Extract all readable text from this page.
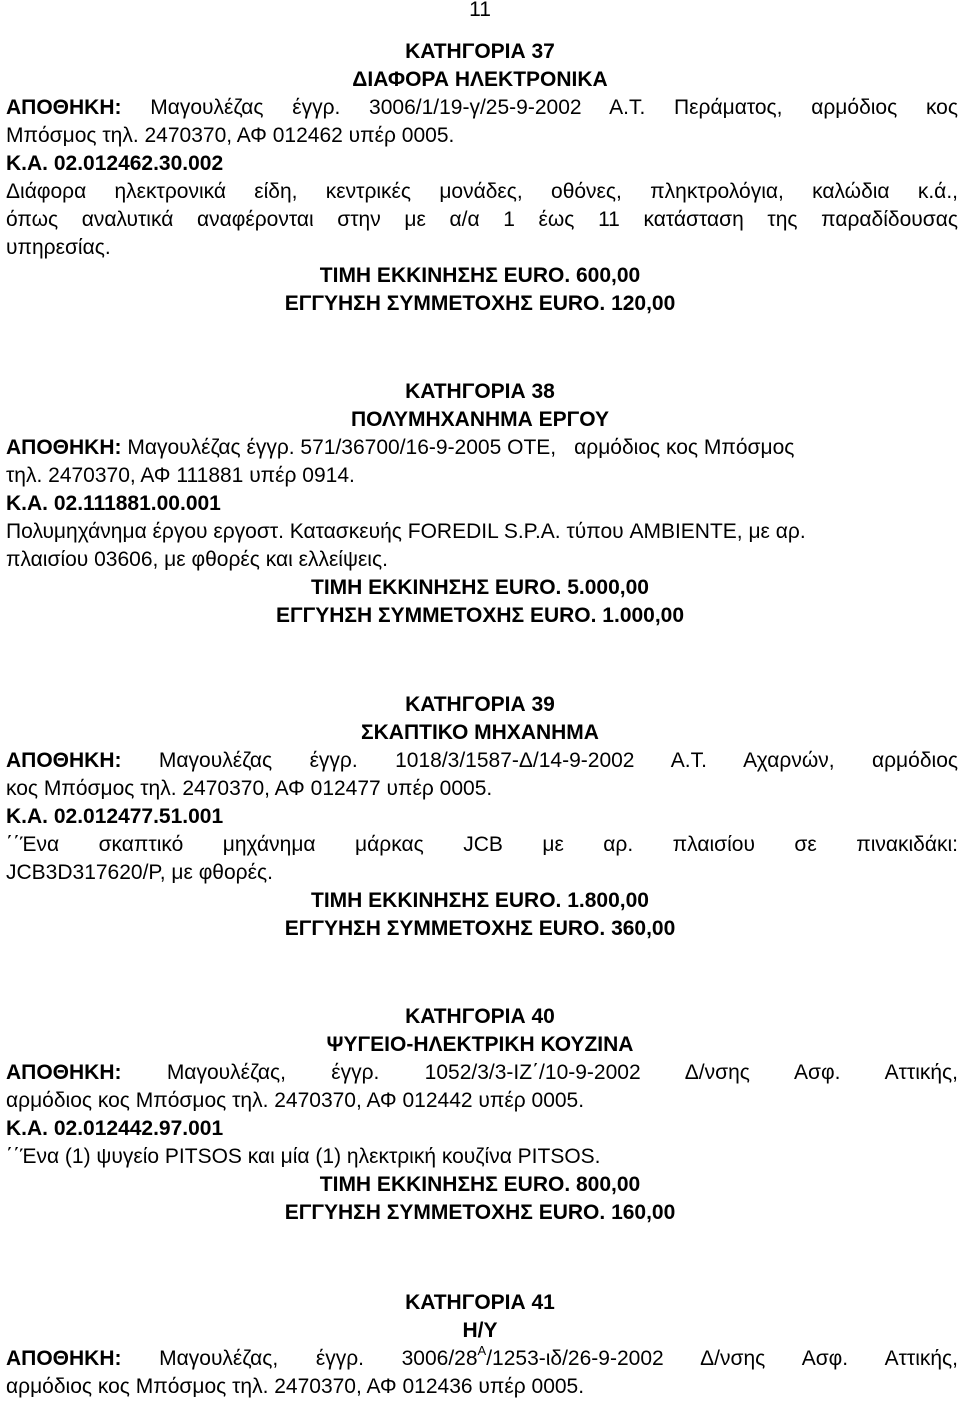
11
ΚΑΤΗΓΟΡΙΑ 37
ΔΙΑΦΟΡΑ ΗΛΕΚΤΡΟΝΙΚΑ
ΑΠΟΘΗΚΗ: Μαγουλέζας έγγρ. 3006/1/19-γ/25-9-2002 Α.Τ. Περάματος, αρμόδιος κος
Μπόσμος τηλ. 2470370, ΑΦ 012462 υπέρ 0005.
Κ.Α. 02.012462.30.002
Διάφορα ηλεκτρονικά είδη, κεντρικές μονάδες, οθόνες, πληκτρολόγια, καλώδια κ.ά.,
όπως αναλυτικά αναφέρονται στην με α/α 1 έως 11 κατάσταση της παραδίδουσας
υπηρεσίας.
ΤΙΜΗ ΕΚΚΙΝΗΣΗΣ EURO. 600,00
ΕΓΓΥΗΣΗ ΣΥΜΜΕΤΟΧΗΣ EURO. 120,00
ΚΑΤΗΓΟΡΙΑ 38
ΠΟΛΥΜΗΧΑΝΗΜΑ ΕΡΓΟΥ
ΑΠΟΘΗΚΗ: Μαγουλέζας έγγρ. 571/36700/16-9-2005 ΟΤΕ, αρμόδιος κος Μπόσμος
τηλ. 2470370, ΑΦ 111881 υπέρ 0914.
Κ.Α. 02.111881.00.001
Πολυμηχάνημα έργου εργοστ. Κατασκευής FOREDIL S.P.A. τύπου AMBIENTE, με αρ.
πλαισίου 03606, με φθορές και ελλείψεις.
ΤΙΜΗ ΕΚΚΙΝΗΣΗΣ EURO. 5.000,00
ΕΓΓΥΗΣΗ ΣΥΜΜΕΤΟΧΗΣ EURO. 1.000,00
ΚΑΤΗΓΟΡΙΑ 39
ΣΚΑΠΤΙΚΟ ΜΗΧΑΝΗΜΑ
ΑΠΟΘΗΚΗ: Μαγουλέζας έγγρ. 1018/3/1587-Δ/14-9-2002 Α.Τ. Αχαρνών, αρμόδιος
κος Μπόσμος τηλ. 2470370, ΑΦ 012477 υπέρ 0005.
Κ.Α. 02.012477.51.001
΄΄Ένα σκαπτικό μηχάνημα μάρκας JCB με αρ. πλαισίου σε πινακιδάκι:
JCB3D317620/P, με φθορές.
ΤΙΜΗ ΕΚΚΙΝΗΣΗΣ EURO. 1.800,00
ΕΓΓΥΗΣΗ ΣΥΜΜΕΤΟΧΗΣ EURO. 360,00
ΚΑΤΗΓΟΡΙΑ 40
ΨΥΓΕΙΟ-ΗΛΕΚΤΡΙΚΗ ΚΟΥΖΙΝΑ
ΑΠΟΘΗΚΗ: Μαγουλέζας, έγγρ. 1052/3/3-ΙΖ΄/10-9-2002 Δ/νσης Ασφ. Αττικής,
αρμόδιος κος Μπόσμος τηλ. 2470370, ΑΦ 012442 υπέρ 0005.
Κ.Α. 02.012442.97.001
΄΄Ένα (1) ψυγείο PITSOS και μία (1) ηλεκτρική κουζίνα PITSOS.
ΤΙΜΗ ΕΚΚΙΝΗΣΗΣ EURO. 800,00
ΕΓΓΥΗΣΗ ΣΥΜΜΕΤΟΧΗΣ EURO. 160,00
ΚΑΤΗΓΟΡΙΑ 41
Η/Υ
ΑΠΟΘΗΚΗ: Μαγουλέζας, έγγρ. $3006/28^A/1253-\iota\delta/26-9-2002$ Δ/νσης Ασφ. Αττικής,
αρμόδιος κος Μπόσμος τηλ. 2470370, ΑΦ 012436 υπέρ 0005.
